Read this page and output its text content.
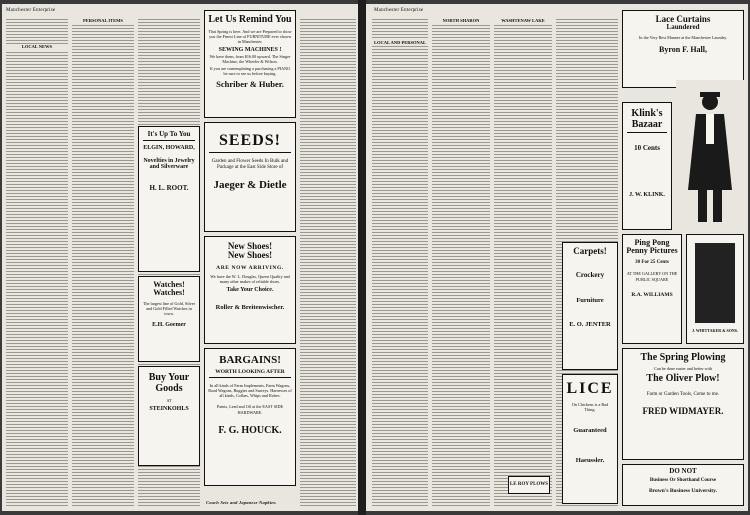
Manchester Enterprise
LOCAL NEWS
PERSONAL ITEMS	Let Us Remind You
That Spring is here. And we are Prepared to show you the Finest Line of FURNITURE ever shown in Manchester.
SEWING MACHINES !
We have them, from $16.00 upward. The Singer Machine, the Wheeler & Wilson.
If you are contemplating a purchasing a PIANO be sure to see us before buying.
Schriber & Huber.
SEEDS!
Garden and Flower Seeds In Bulk and Package at the East Side Store of
Jaeger & Dietle
It's Up To You
ELGIN, HOWARD,
Novelties in Jewelry and Silverware
H. L. ROOT.
Watches!
Watches!
The largest line of Gold, Silver and Gold Filled Watches in town.
E.H. Goemer
Buy Your Goods
AT
STEINKOHLS
New Shoes!
New Shoes!
ARE NOW ARRIVING.
We have the W. L. Douglas, Queen Quality and many other makes of reliable shoes.
Take Your Choice.
Roller & Breitenwischer.
BARGAINS!
WORTH LOOKING AFTER
In all kinds of Farm Implements, Farm Wagons, Road Wagons, Buggies and Surreys. Harnesses of all kinds, Collars, Whips and Robes.
Paints, Lead and Oil at the EAST SIDE HARDWARE.
F. G. HOUCK.
Coach Sets and Japanese Napkins
Manchester Enterprise
LOCAL AND PERSONAL
NORTH SHARON	WASHTENAW LAKE
LE ROY PLOWS
Carpets!
Crockery
Furniture
E. O. JENTER
LICE
On Chickens is a Bad Thing.
Guaranteed
Haeussler.
Lace Curtains
Laundered
In the Very Best Manner at the Manchester Laundry.
Byron F. Hall,
Klink's Bazaar
10 Cents
J. W. KLINK.
Ping Pong Penny Pictures
30 For 25 Cents
AT THE GALLERY ON THE PUBLIC SQUARE
R.A. WILLIAMS
J. WHITTAKER & SONS.
The Spring Plowing
Can be done easier and better with
The Oliver Plow!
Farm or Garden Tools, Come to me.
FRED WIDMAYER.
DO NOT
Business Or Shorthand Course
Brown's Business University.
